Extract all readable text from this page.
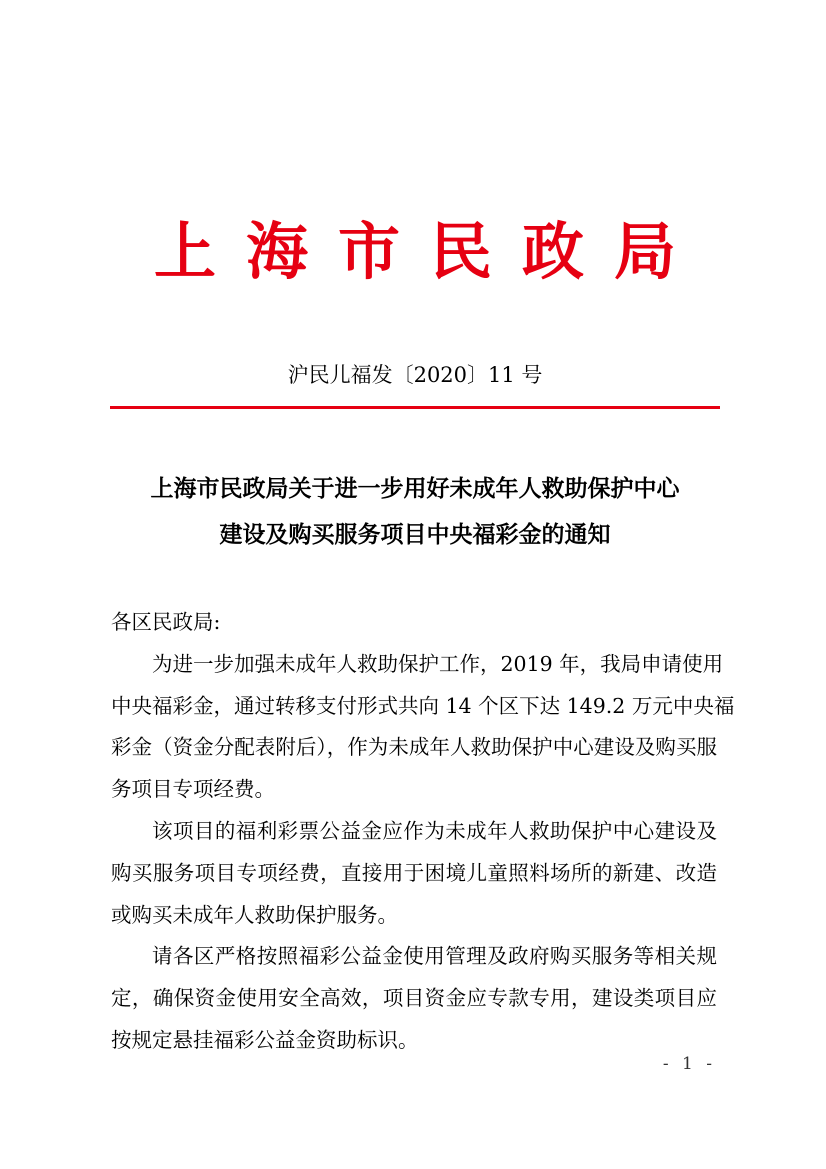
上海市民政局
沪民儿福发〔2020〕11 号
上海市民政局关于进一步用好未成年人救助保护中心
建设及购买服务项目中央福彩金的通知
各区民政局:
为进一步加强未成年人救助保护工作，2019 年，我局申请使用
中央福彩金，通过转移支付形式共向 14 个区下达 149.2 万元中央福
彩金（资金分配表附后），作为未成年人救助保护中心建设及购买服
务项目专项经费。
该项目的福利彩票公益金应作为未成年人救助保护中心建设及
购买服务项目专项经费，直接用于困境儿童照料场所的新建、改造
或购买未成年人救助保护服务。
请各区严格按照福彩公益金使用管理及政府购买服务等相关规
定，确保资金使用安全高效，项目资金应专款专用，建设类项目应
按规定悬挂福彩公益金资助标识。
- 1 -
